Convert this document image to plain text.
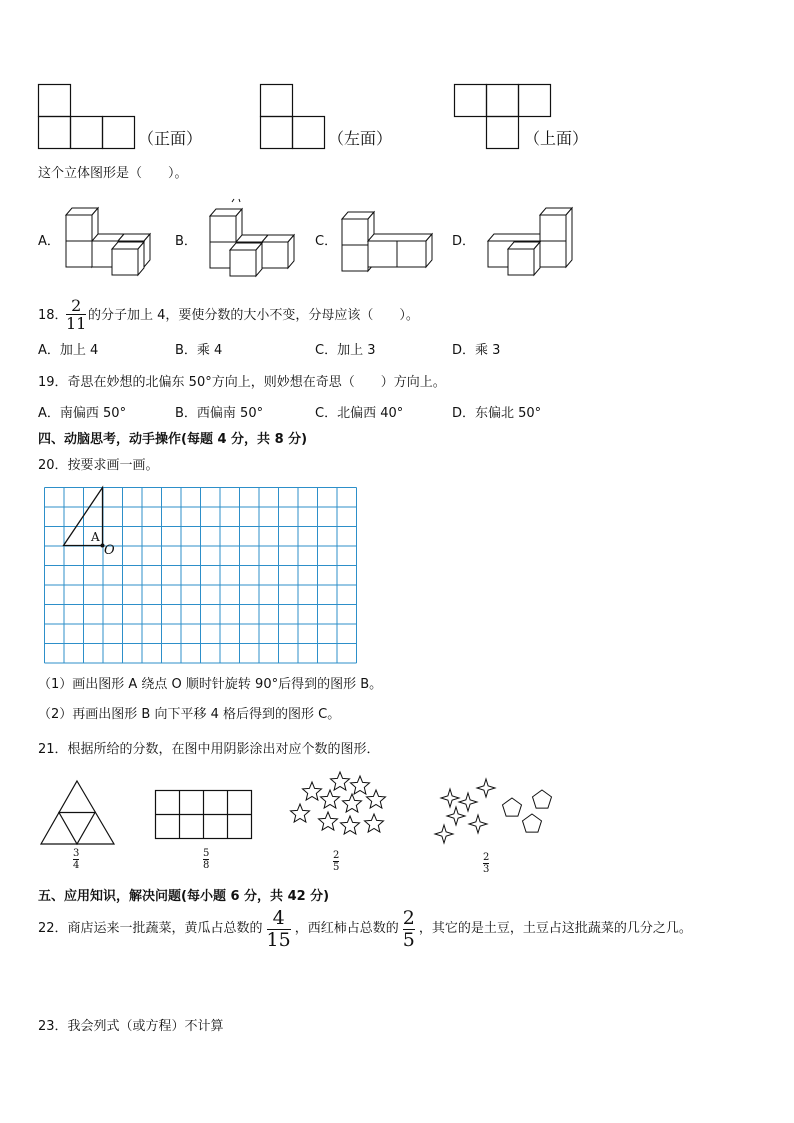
（正面）	（左面）	（上面）
这个立体图形是（　　）。
A．	B．	C．	D．
18．
2
11 的分子加上 4，要使分数的大小不变，分母应该（　　）。
A．加上 4	B．乘 4	C．加上 3	D．乘 3
19．奇思在妙想的北偏东 50°方向上，则妙想在奇思（　　）方向上。
A．南偏西 50°	B．西偏南 50°	C．北偏西 40°	D．东偏北 50°
四、动脑思考，动手操作(每题 4 分，共 8 分)
20．按要求画一画。
A
O
（1）画出图形 A 绕点 O 顺时针旋转 90°后得到的图形 B。
（2）再画出图形 B 向下平移 4 格后得到的图形 C。
21．根据所给的分数，在图中用阴影涂出对应个数的图形．
3
4
5
8
2
5
2
3
五、应用知识，解决问题(每小题 6 分，共 42 分)
22．商店运来一批蔬菜，黄瓜占总数的 $\frac{4}{15}$ ，西红柿占总数的 $\frac{2}{5}$ ，其它的是土豆，土豆占这批蔬菜的几分之几。
23．我会列式（或方程）不计算
